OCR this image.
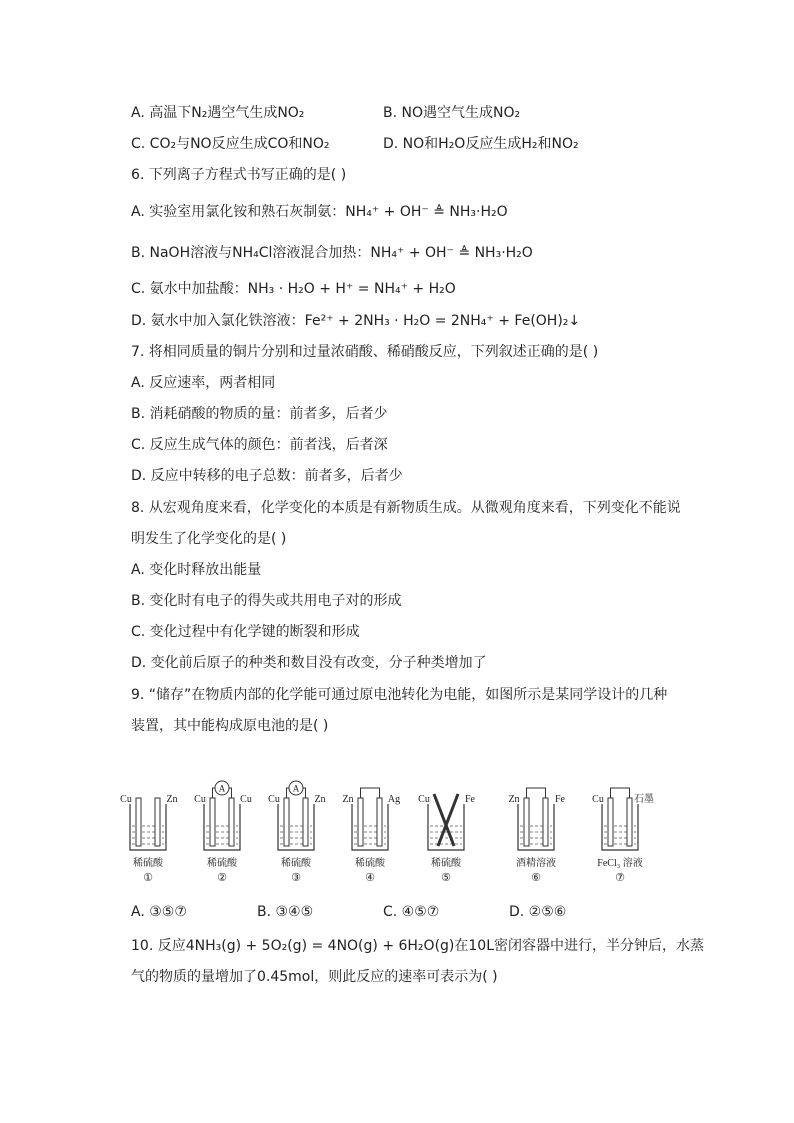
A. 高温下N₂遇空气生成NO₂	B. NO遇空气生成NO₂
C. CO₂与NO反应生成CO和NO₂	D. NO和H₂O反应生成H₂和NO₂
6. 下列离子方程式书写正确的是( )
A. 实验室用氯化铵和熟石灰制氨：NH₄⁺ + OH⁻ ≜ NH₃·H₂O
B. NaOH溶液与NH₄Cl溶液混合加热：NH₄⁺ + OH⁻ ≜ NH₃·H₂O
C. 氨水中加盐酸：NH₃ · H₂O + H⁺ = NH₄⁺ + H₂O
D. 氨水中加入氯化铁溶液：Fe²⁺ + 2NH₃ · H₂O = 2NH₄⁺ + Fe(OH)₂↓
7. 将相同质量的铜片分别和过量浓硝酸、稀硝酸反应，下列叙述正确的是( )
A. 反应速率，两者相同
B. 消耗硝酸的物质的量：前者多，后者少
C. 反应生成气体的颜色：前者浅，后者深
D. 反应中转移的电子总数：前者多，后者少
8. 从宏观角度来看，化学变化的本质是有新物质生成。从微观角度来看，下列变化不能说
明发生了化学变化的是( )
A. 变化时释放出能量
B. 变化时有电子的得失或共用电子对的形成
C. 变化过程中有化学键的断裂和形成
D. 变化前后原子的种类和数目没有改变，分子种类增加了
9. “储存”在物质内部的化学能可通过原电池转化为电能，如图所示是某同学设计的几种
装置，其中能构成原电池的是( )
Cu	Zn
稀硫酸
①
A
Cu	Cu
稀硫酸
②
A
Cu	Zn
稀硫酸
③
Zn	Ag
稀硫酸
④
Cu	Fe
稀硫酸
⑤
Zn	Fe
酒精溶液
⑥
Cu	石墨
FeCl₃ 溶液
⑦
A. ③⑤⑦	B. ③④⑤	C. ④⑤⑦	D. ②⑤⑥
10. 反应4NH₃(g) + 5O₂(g) = 4NO(g) + 6H₂O(g)在10L密闭容器中进行，半分钟后，水蒸
气的物质的量增加了0.45mol，则此反应的速率可表示为( )
